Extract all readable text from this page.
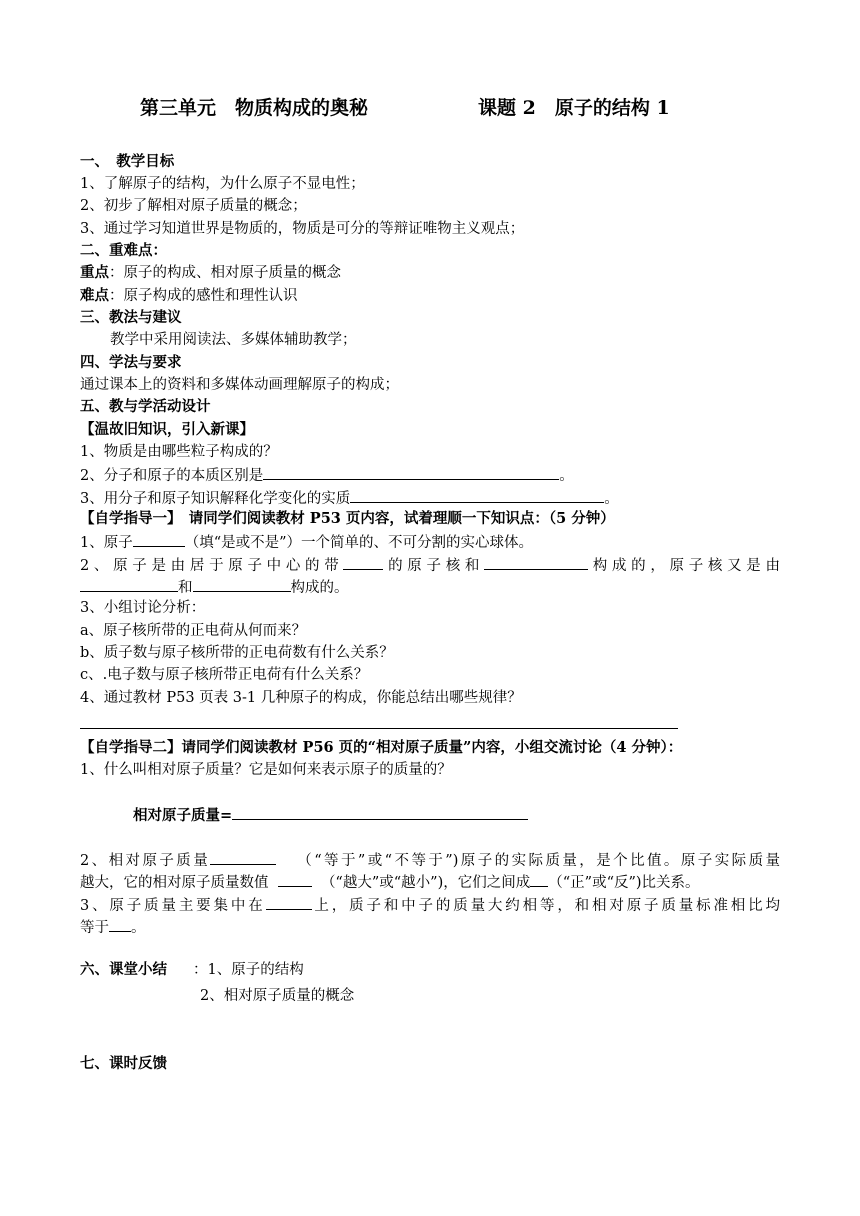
第三单元　物质构成的奥秘	课题 2　原子的结构 1
一、　教学目标
1、了解原子的结构，为什么原子不显电性；
2、初步了解相对原子质量的概念；
3、通过学习知道世界是物质的，物质是可分的等辩证唯物主义观点；
二、重难点：
重点：原子的构成、相对原子质量的概念
难点：原子构成的感性和理性认识
三、教法与建议
教学中采用阅读法、多媒体辅助教学；
四、学法与要求
通过课本上的资料和多媒体动画理解原子的构成；
五、教与学活动设计
【温故旧知识，引入新课】
1、物质是由哪些粒子构成的？
2、分子和原子的本质区别是	。
3、用分子和原子知识解释化学变化的实质	。
【自学指导一】　请同学们阅读教材 P53 页内容，试着理顺一下知识点：（5 分钟）
1、原子	（填“是或不是”）一个简单的、不可分割的实心球体。
2、原子是由居于原子中心的带	的原子核和	构成的，原子核又是由
和	构成的。
3、小组讨论分析：
a、原子核所带的正电荷从何而来？
b、质子数与原子核所带的正电荷数有什么关系？
c、.电子数与原子核所带正电荷有什么关系？
4、通过教材 P53 页表 3-1 几种原子的构成，你能总结出哪些规律？
【自学指导二】请同学们阅读教材 P56 页的“相对原子质量”内容，小组交流讨论（4 分钟）：
1、什么叫相对原子质量？它是如何来表示原子的质量的？
相对原子质量=
2、相对原子质量	（“等于”或“不等于”)原子的实际质量，是个比值。原子实际质量
越大，它的相对原子质量数值	（“越大”或“越小”)，它们之间成 （“正”或“反”)比关系。
3、原子质量主要集中在	上，质子和中子的质量大约相等，和相对原子质量标准相比均
等于 。
六、课堂小结 ：1、原子的结构
2、相对原子质量的概念
七、课时反馈
